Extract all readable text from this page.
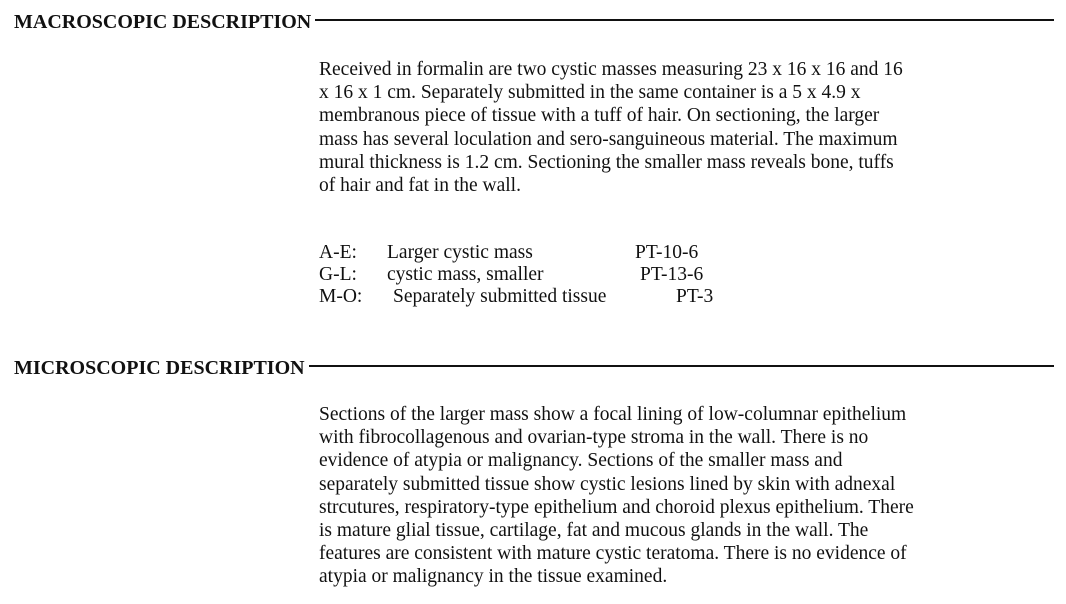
MACROSCOPIC DESCRIPTION

Received in formalin are two cystic masses measuring 23 x 16 x 16 and 16
x 16 x 1 cm. Separately submitted in the same container is a 5 x 4.9 x
membranous piece of tissue with a tuff of hair. On sectioning, the larger
mass has several loculation and sero-sanguineous material. The maximum
mural thickness is 1.2 cm. Sectioning the smaller mass reveals bone, tuffs
of hair and fat in the wall.

A-E: Larger cystic mass	PT-10-6
G-L: cystic mass, smaller	PT-13-6
M-O: Separately submitted tissue	PT-3
MICROSCOPIC DESCRIPTION

Sections of the larger mass show a focal lining of low-columnar epithelium
with fibrocollagenous and ovarian-type stroma in the wall. There is no
evidence of atypia or malignancy. Sections of the smaller mass and
separately submitted tissue show cystic lesions lined by skin with adnexal
strcutures, respiratory-type epithelium and choroid plexus epithelium. There
is mature glial tissue, cartilage, fat and mucous glands in the wall. The
features are consistent with mature cystic teratoma. There is no evidence of
atypia or malignancy in the tissue examined.
